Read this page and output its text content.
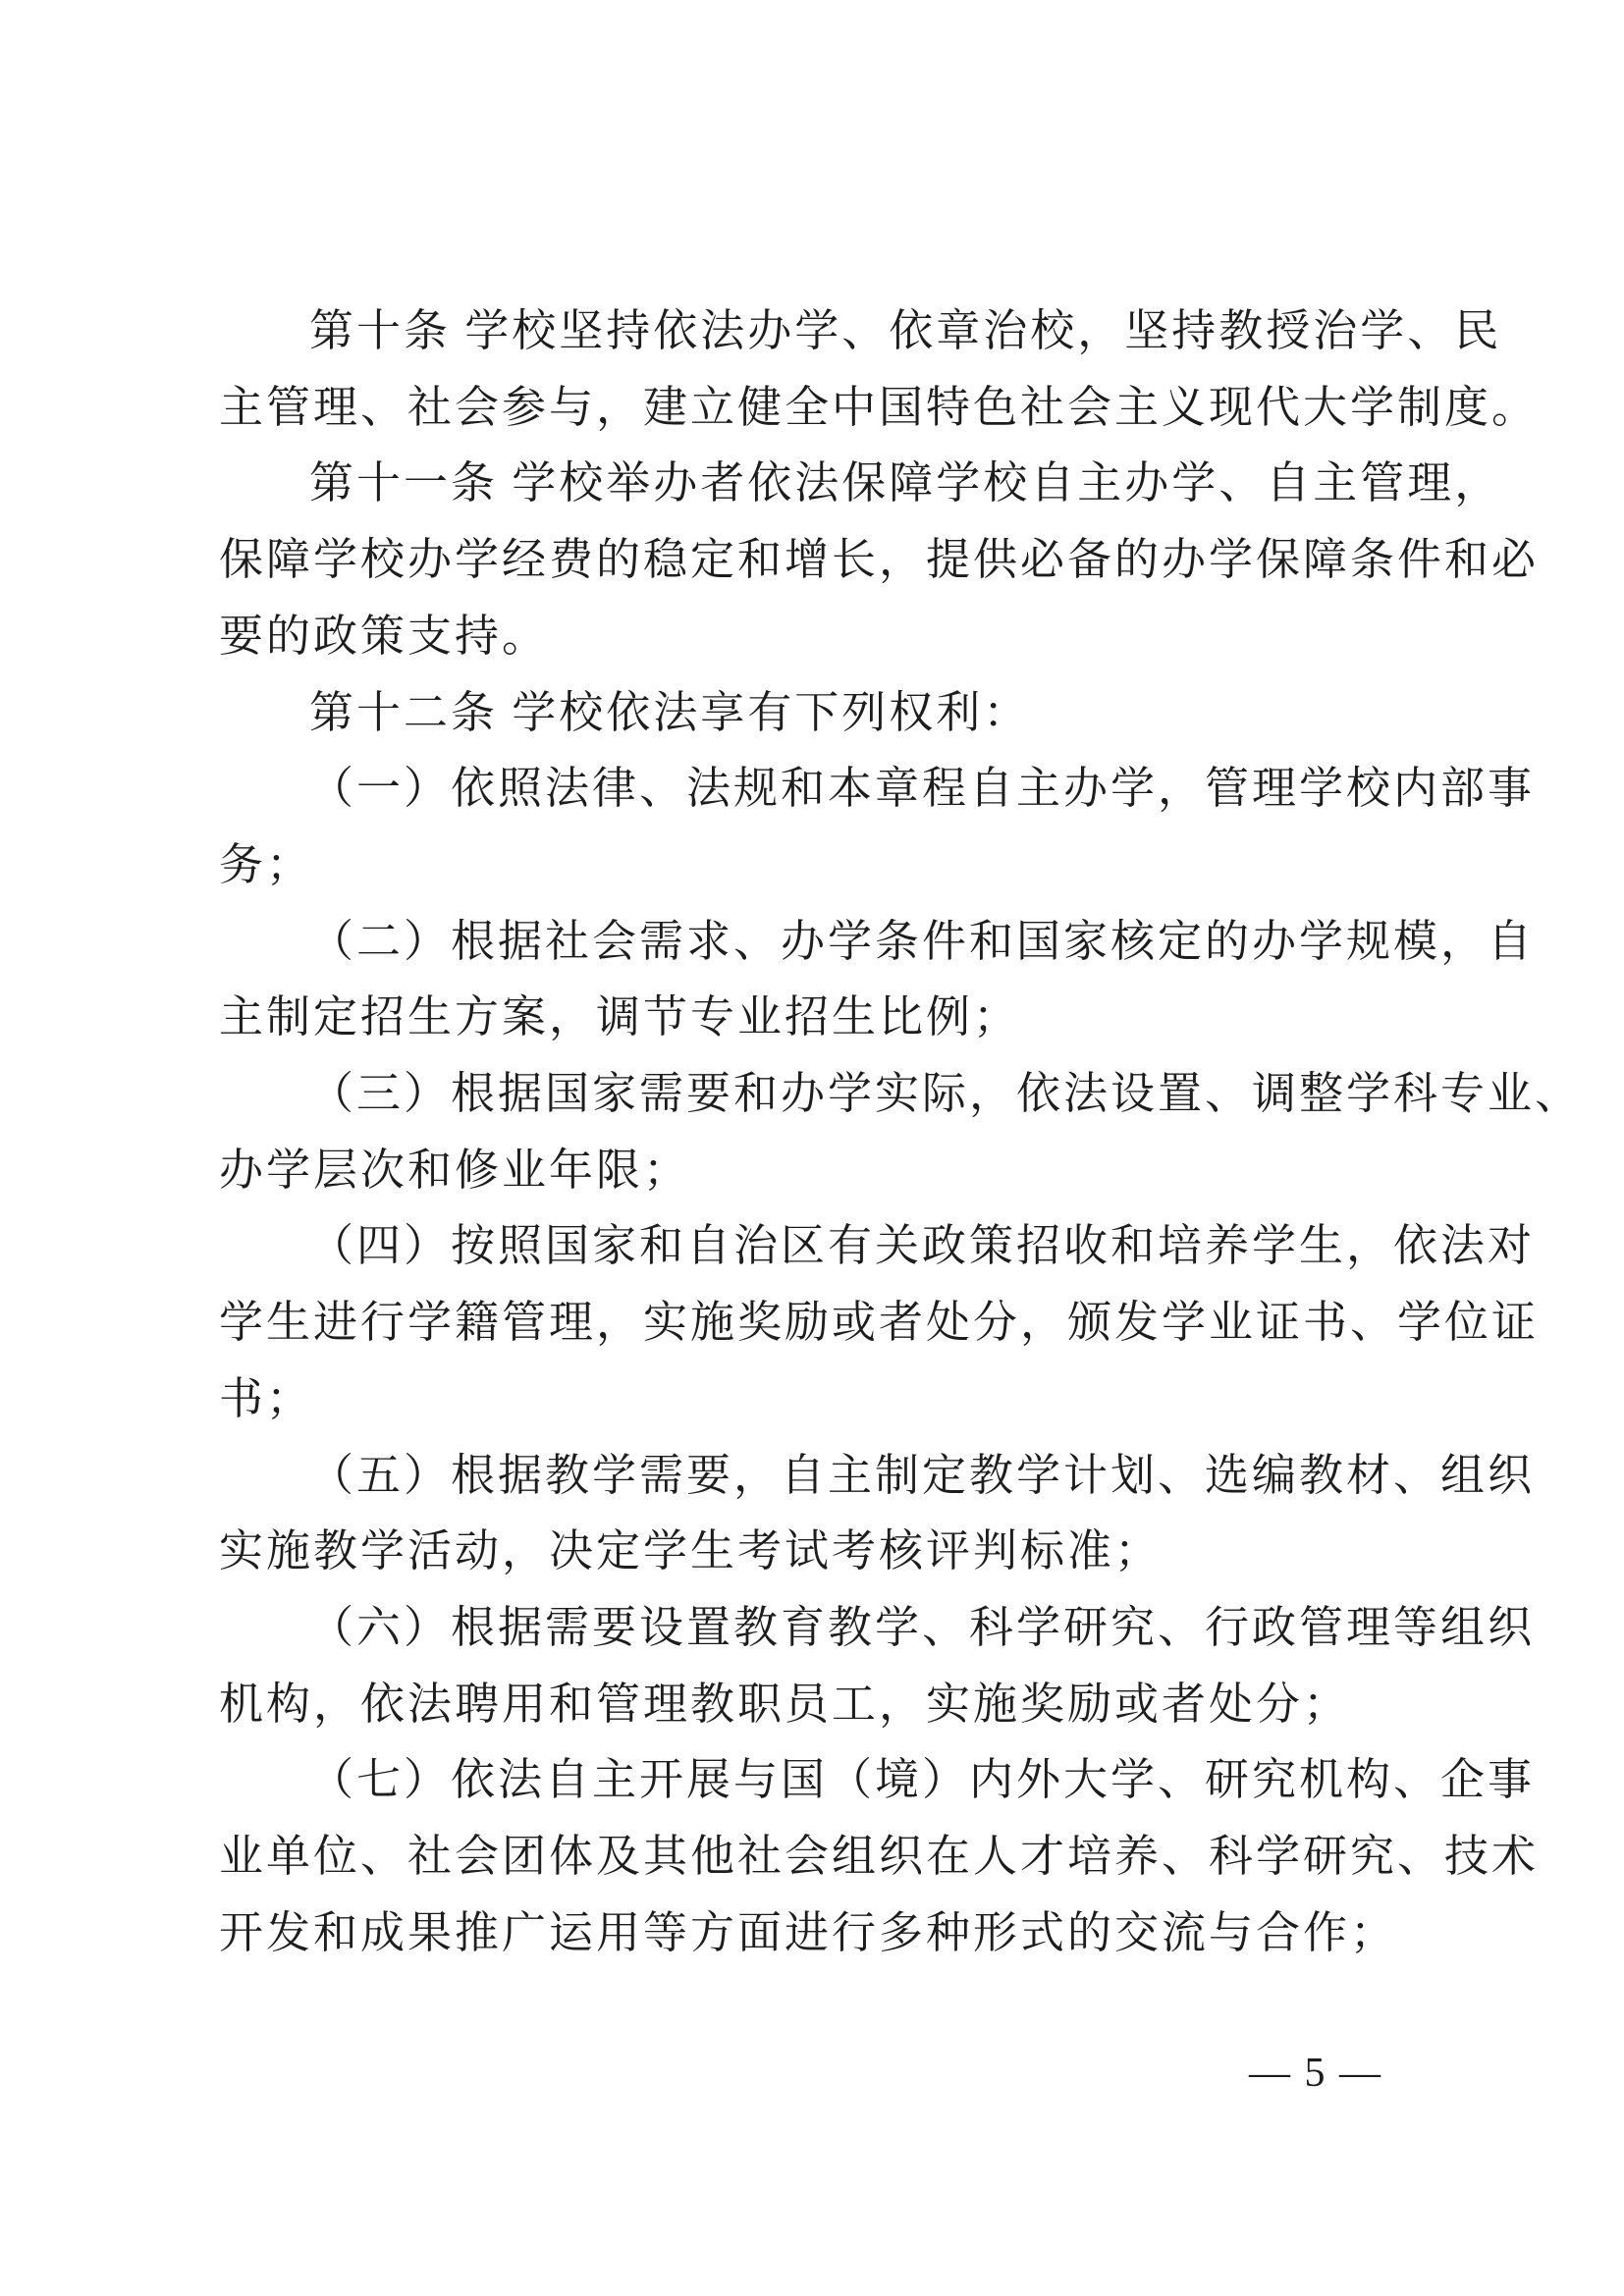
第十条 学校坚持依法办学、依章治校，坚持教授治学、民
主管理、社会参与，建立健全中国特色社会主义现代大学制度。
第十一条 学校举办者依法保障学校自主办学、自主管理，
保障学校办学经费的稳定和增长，提供必备的办学保障条件和必
要的政策支持。
第十二条 学校依法享有下列权利：
（一）依照法律、法规和本章程自主办学，管理学校内部事
务；
（二）根据社会需求、办学条件和国家核定的办学规模，自
主制定招生方案，调节专业招生比例；
（三）根据国家需要和办学实际，依法设置、调整学科专业、
办学层次和修业年限；
（四）按照国家和自治区有关政策招收和培养学生，依法对
学生进行学籍管理，实施奖励或者处分，颁发学业证书、学位证
书；
（五）根据教学需要，自主制定教学计划、选编教材、组织
实施教学活动，决定学生考试考核评判标准；
（六）根据需要设置教育教学、科学研究、行政管理等组织
机构，依法聘用和管理教职员工，实施奖励或者处分；
（七）依法自主开展与国（境）内外大学、研究机构、企事
业单位、社会团体及其他社会组织在人才培养、科学研究、技术
开发和成果推广运用等方面进行多种形式的交流与合作；
— 5 —
